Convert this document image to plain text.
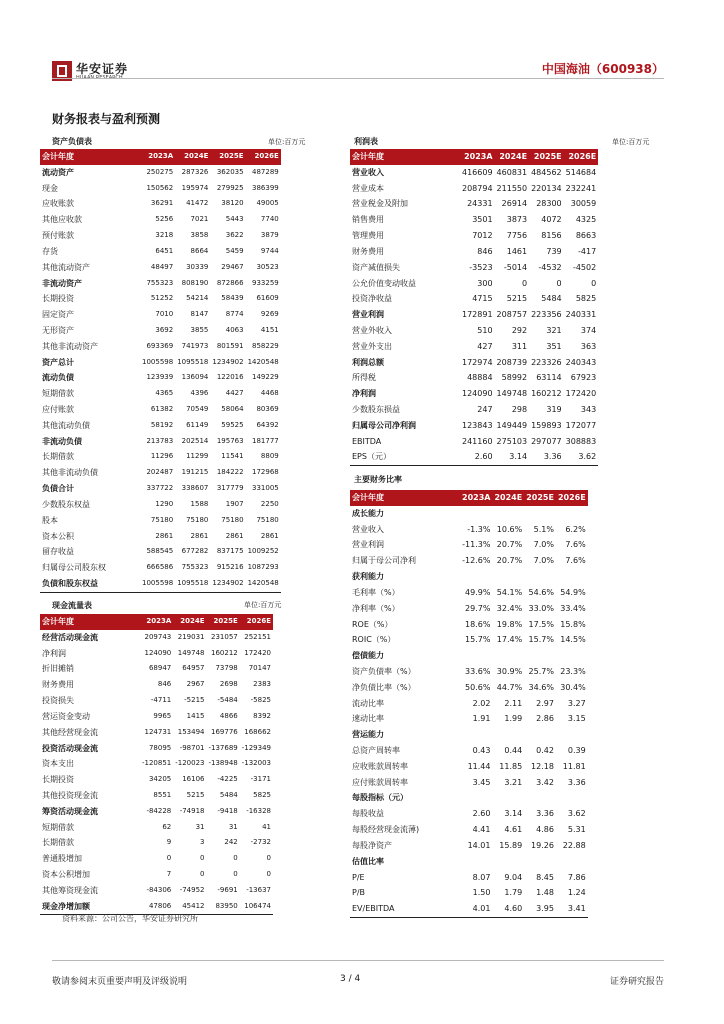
华安证券
HUAAN RESEARCH
中国海油（600938）
财务报表与盈利预测
资产负债表	单位:百万元
会计年度	2023A	2024E	2025E	2026E
流动资产	250275	287326	362035	487289
现金	150562	195974	279925	386399
应收账款	36291	41472	38120	49005
其他应收款	5256	7021	5443	7740
预付账款	3218	3858	3622	3879
存货	6451	8664	5459	9744
其他流动资产	48497	30339	29467	30523
非流动资产	755323	808190	872866	933259
长期投资	51252	54214	58439	61609
固定资产	7010	8147	8774	9269
无形资产	3692	3855	4063	4151
其他非流动资产	693369	741973	801591	858229
资产总计	1005598	1095518	1234902	1420548
流动负债	123939	136094	122016	149229
短期借款	4365	4396	4427	4468
应付账款	61382	70549	58064	80369
其他流动负债	58192	61149	59525	64392
非流动负债	213783	202514	195763	181777
长期借款	11296	11299	11541	8809
其他非流动负债	202487	191215	184222	172968
负债合计	337722	338607	317779	331005
少数股东权益	1290	1588	1907	2250
股本	75180	75180	75180	75180
资本公积	2861	2861	2861	2861
留存收益	588545	677282	837175	1009252
归属母公司股东权	666586	755323	915216	1087293
负债和股东权益	1005598	1095518	1234902	1420548
利润表	单位:百万元
会计年度	2023A	2024E	2025E	2026E
营业收入	416609	460831	484562	514684
营业成本	208794	211550	220134	232241
营业税金及附加	24331	26914	28300	30059
销售费用	3501	3873	4072	4325
管理费用	7012	7756	8156	8663
财务费用	846	1461	739	-417
资产减值损失	-3523	-5014	-4532	-4502
公允价值变动收益	300	0	0	0
投资净收益	4715	5215	5484	5825
营业利润	172891	208757	223356	240331
营业外收入	510	292	321	374
营业外支出	427	311	351	363
利润总额	172974	208739	223326	240343
所得税	48884	58992	63114	67923
净利润	124090	149748	160212	172420
少数股东损益	247	298	319	343
归属母公司净利润	123843	149449	159893	172077
EBITDA	241160	275103	297077	308883
EPS（元）	2.60	3.14	3.36	3.62
主要财务比率
会计年度	2023A	2024E	2025E	2026E
成长能力				
营业收入	-1.3%	10.6%	5.1%	6.2%
营业利润	-11.3%	20.7%	7.0%	7.6%
归属于母公司净利	-12.6%	20.7%	7.0%	7.6%
获利能力				
毛利率（%）	49.9%	54.1%	54.6%	54.9%
净利率（%）	29.7%	32.4%	33.0%	33.4%
ROE（%）	18.6%	19.8%	17.5%	15.8%
ROIC（%）	15.7%	17.4%	15.7%	14.5%
偿债能力				
资产负债率（%）	33.6%	30.9%	25.7%	23.3%
净负债比率（%）	50.6%	44.7%	34.6%	30.4%
流动比率	2.02	2.11	2.97	3.27
速动比率	1.91	1.99	2.86	3.15
营运能力				
总资产周转率	0.43	0.44	0.42	0.39
应收账款周转率	11.44	11.85	12.18	11.81
应付账款周转率	3.45	3.21	3.42	3.36
每股指标（元）				
每股收益	2.60	3.14	3.36	3.62
每股经营现金流薄)	4.41	4.61	4.86	5.31
每股净资产	14.01	15.89	19.26	22.88
估值比率				
P/E	8.07	9.04	8.45	7.86
P/B	1.50	1.79	1.48	1.24
EV/EBITDA	4.01	4.60	3.95	3.41
现金流量表	单位:百万元
会计年度	2023A	2024E	2025E	2026E
经营活动现金流	209743	219031	231057	252151
净利润	124090	149748	160212	172420
折旧摊销	68947	64957	73798	70147
财务费用	846	2967	2698	2383
投资损失	-4711	-5215	-5484	-5825
营运资金变动	9965	1415	4866	8392
其他经营现金流	124731	153494	169776	168662
投资活动现金流	78095	-98701	-137689	-129349
资本支出	-120851	-120023	-138948	-132003
长期投资	34205	16106	-4225	-3171
其他投资现金流	8551	5215	5484	5825
筹资活动现金流	-84228	-74918	-9418	-16328
短期借款	62	31	31	41
长期借款	9	3	242	-2732
普通股增加	0	0	0	0
资本公积增加	7	0	0	0
其他筹资现金流	-84306	-74952	-9691	-13637
现金净增加额	47806	45412	83950	106474
资料来源：公司公告，华安证券研究所
敬请参阅末页重要声明及评级说明	3 / 4	证券研究报告
